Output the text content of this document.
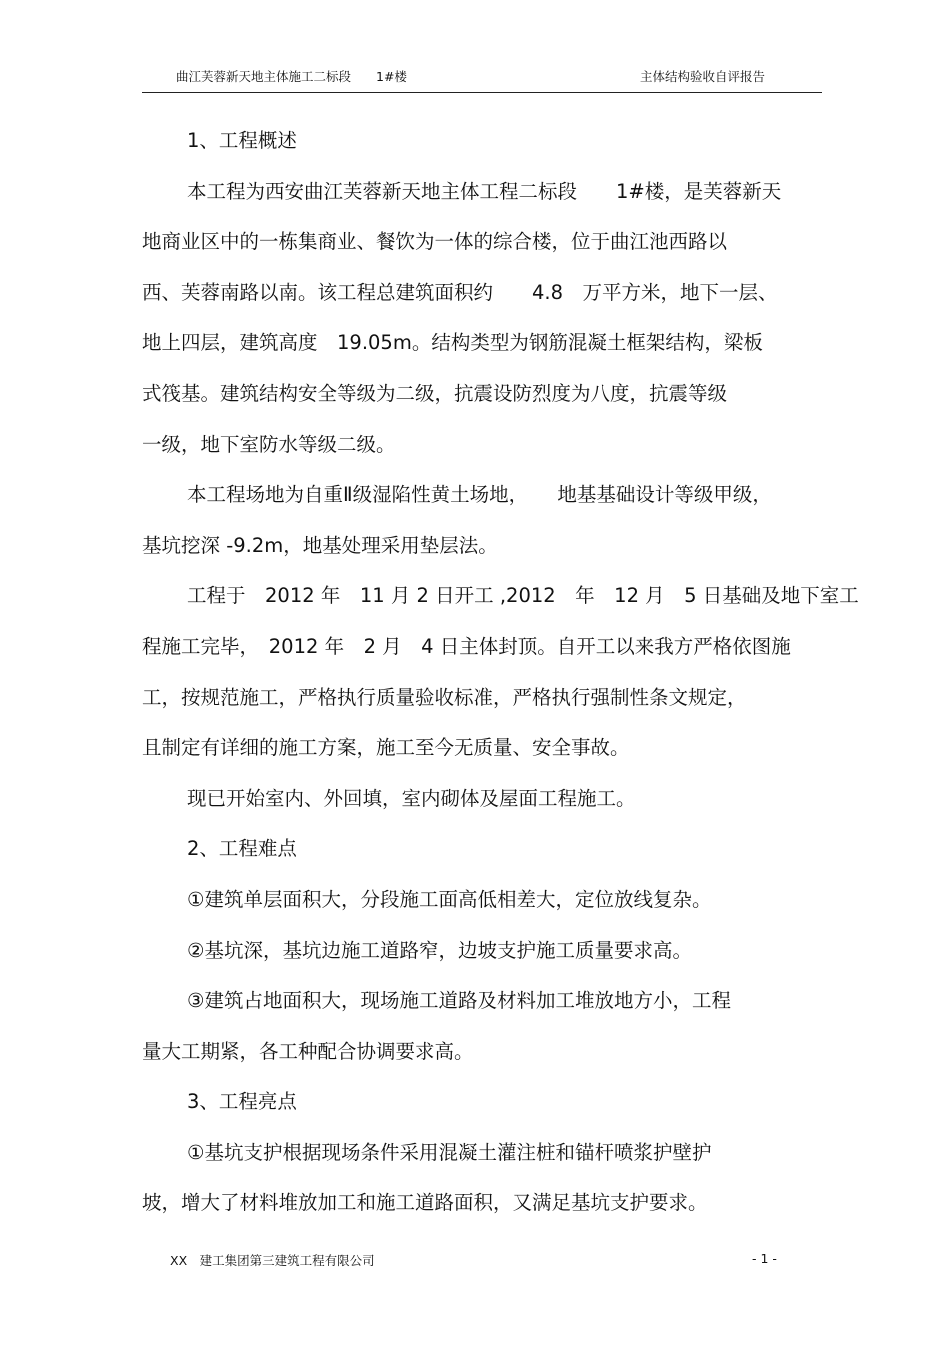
曲江芙蓉新天地主体施工二标段　　1#楼	主体结构验收自评报告
1、工程概述
本工程为西安曲江芙蓉新天地主体工程二标段　　1#楼，是芙蓉新天
地商业区中的一栋集商业、餐饮为一体的综合楼，位于曲江池西路以
西、芙蓉南路以南。该工程总建筑面积约　　4.8　万平方米，地下一层、
地上四层，建筑高度　19.05m。结构类型为钢筋混凝土框架结构，梁板
式筏基。建筑结构安全等级为二级，抗震设防烈度为八度，抗震等级
一级，地下室防水等级二级。
本工程场地为自重Ⅱ级湿陷性黄土场地，　　地基基础设计等级甲级，
基坑挖深 -9.2m，地基处理采用垫层法。
工程于　2012 年　11 月 2 日开工 ,2012　年　12 月　5 日基础及地下室工
程施工完毕，　2012 年　2 月　4 日主体封顶。自开工以来我方严格依图施
工，按规范施工，严格执行质量验收标准，严格执行强制性条文规定，
且制定有详细的施工方案，施工至今无质量、安全事故。
现已开始室内、外回填，室内砌体及屋面工程施工。
2、工程难点
①建筑单层面积大，分段施工面高低相差大，定位放线复杂。
②基坑深，基坑边施工道路窄，边坡支护施工质量要求高。
③建筑占地面积大，现场施工道路及材料加工堆放地方小，工程
量大工期紧，各工种配合协调要求高。
3、工程亮点
①基坑支护根据现场条件采用混凝土灌注桩和锚杆喷浆护壁护
坡，增大了材料堆放加工和施工道路面积，又满足基坑支护要求。
XX　建工集团第三建筑工程有限公司	- 1 -
